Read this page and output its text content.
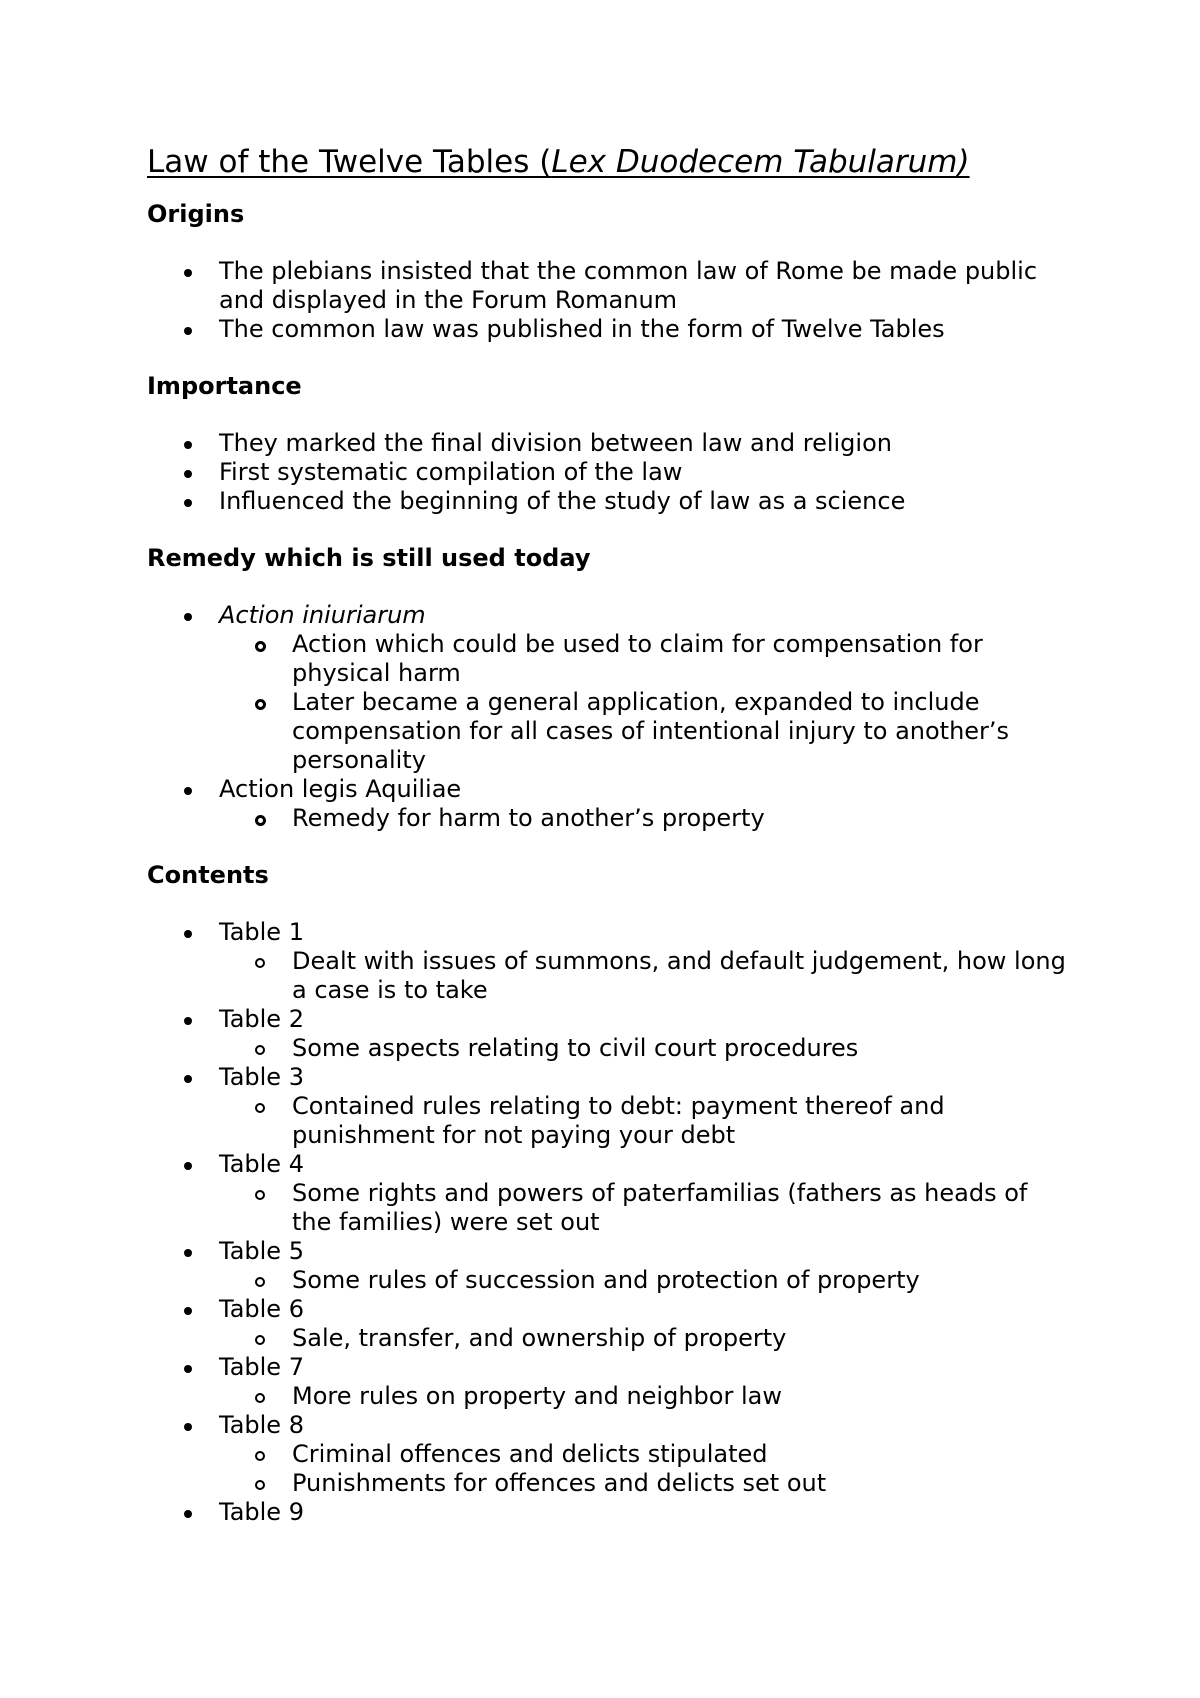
Law of the Twelve Tables (Lex Duodecem Tabularum)
Origins
The plebians insisted that the common law of Rome be made public and displayed in the Forum Romanum
The common law was published in the form of Twelve Tables
Importance
They marked the final division between law and religion
First systematic compilation of the law
Influenced the beginning of the study of law as a science
Remedy which is still used today
Action iniuriarum
Action which could be used to claim for compensation for physical harm
Later became a general application, expanded to include compensation for all cases of intentional injury to another’s personality
Action legis Aquiliae
Remedy for harm to another’s property
Contents
Table 1
Dealt with issues of summons, and default judgement, how long a case is to take
Table 2
Some aspects relating to civil court procedures
Table 3
Contained rules relating to debt: payment thereof and punishment for not paying your debt
Table 4
Some rights and powers of paterfamilias (fathers as heads of the families) were set out
Table 5
Some rules of succession and protection of property
Table 6
Sale, transfer, and ownership of property
Table 7
More rules on property and neighbor law
Table 8
Criminal offences and delicts stipulated
Punishments for offences and delicts set out
Table 9
